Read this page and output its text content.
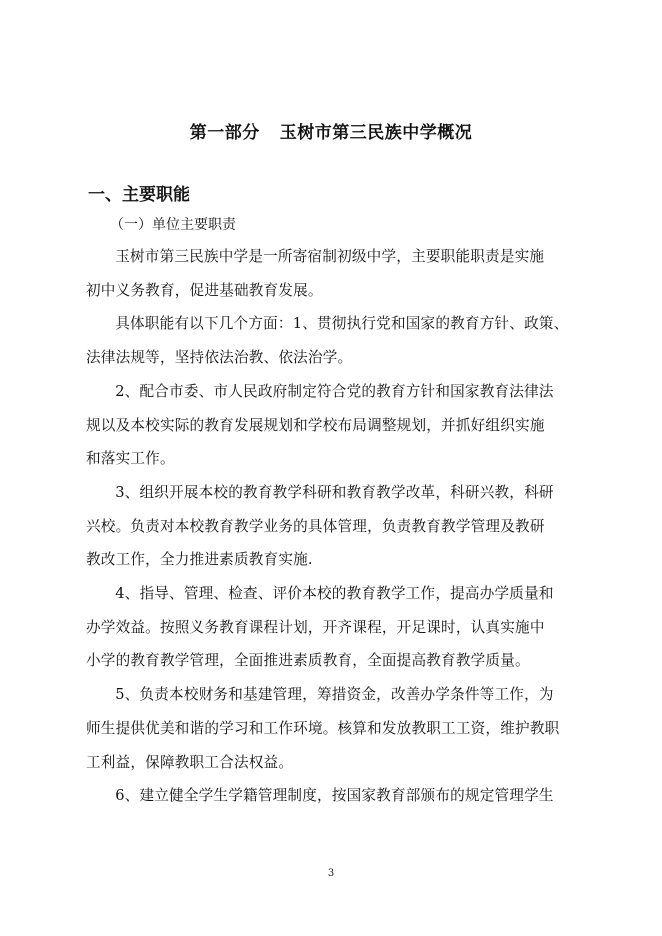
第一部分 玉树市第三民族中学概况
一、主要职能
（一）单位主要职责

玉树市第三民族中学是一所寄宿制初级中学，主要职能职责是实施
初中义务教育，促进基础教育发展。

具体职能有以下几个方面：1、贯彻执行党和国家的教育方针、政策、
法律法规等，坚持依法治教、依法治学。

2、配合市委、市人民政府制定符合党的教育方针和国家教育法律法
规以及本校实际的教育发展规划和学校布局调整规划，并抓好组织实施
和落实工作。

3、组织开展本校的教育教学科研和教育教学改革，科研兴教，科研
兴校。负责对本校教育教学业务的具体管理，负责教育教学管理及教研
教改工作，全力推进素质教育实施.

4、指导、管理、检查、评价本校的教育教学工作，提高办学质量和
办学效益。按照义务教育课程计划，开齐课程，开足课时，认真实施中
小学的教育教学管理，全面推进素质教育，全面提高教育教学质量。

5、负责本校财务和基建管理，筹措资金，改善办学条件等工作，为
师生提供优美和谐的学习和工作环境。核算和发放教职工工资，维护教职
工利益，保障教职工合法权益。

6、建立健全学生学籍管理制度，按国家教育部颁布的规定管理学生

3
